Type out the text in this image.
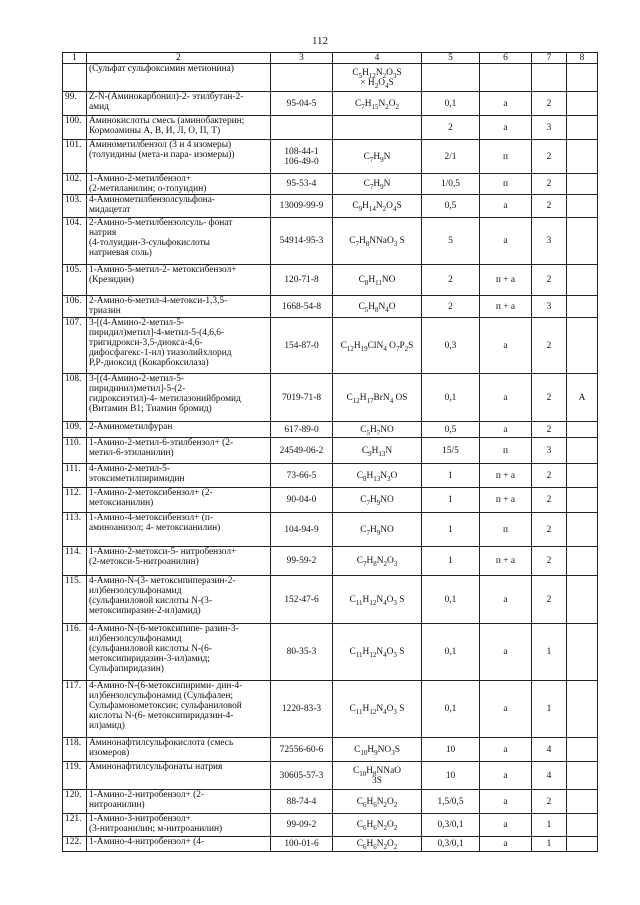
112
1	2	3	4	5	6	7	8

	(Сульфат сульфоксимин метионина)		$C_5H_{12}N_2O_3S$
× $H_2O_4S$				

99.	Z-N-(Аминокарбонил)-2- этилбутан-2-
амид	95-04-5	$C_7H_{15}N_2O_2$	0,1	а	2	
100.	Аминокислоты смесь (аминобактерин;
Кормоамины А, В, И, Л, О, П, Т)			2	а	3	
101.	Аминометилбензол (3 и 4 изомеры)
(толуидины (мета-и пара- изомеры))	108-44-1
106-49-0	$C_7H_9N$	2/1	п	2	
102.	1-Амино-2-метилбензол+
(2-метиланилин; о-толуидин)	95-53-4	$C_7H_9N$	1/0,5	п	2	
103.	4-Аминометилбензолсульфона-
мидацетат	13009-99-9	$C_9H_{14}N_2O_4S$	0,5	а	2	
104.	2-Амино-5-метилбензолсуль- фонат
натрия
(4-толуидин-3-сульфокислоты
натриевая соль)	54914-95-3	$C_7H_8NNaO_3$ S	5	а	3	
105.	1-Амино-5-метил-2- метоксибензол+
(Крезидин)	120-71-8	$C_8H_{11}NO$	2	п + а	2	
106.	2-Амино-6-метил-4-метокси-1,3,5-
триазин	1668-54-8	$C_5H_8N_4O$	2	п + а	3	
107.	3-[(4-Амино-2-метил-5-
пиридил)метил]-4-метил-5-(4,6,6-
тригидрокси-3,5-диокса-4,6-
дифосфагекс-1-ил) тиазолийхлорид
P,P-диоксид (Кокарбоксилаза)	154-87-0	$C_{12}H_{19}ClN_4$ $O_7P_2S$	0,3	а	2	
108.	3-[(4-Амино-2-метил-5-
пиридинил)метил]-5-(2-
гидроксиэтил)-4- метилазонийбромид
(Витамин В1; Тиамин бромид)	7019-71-8	$C_{12}H_{17}BrN_4$ OS	0,1	а	2	А
109.	2-Аминометилфуран	617-89-0	$C_5H_7NO$	0,5	а	2	
110.	1-Амино-2-метил-6-этилбензол+ (2-
метил-6-этиланилин)	24549-06-2	$C_9H_{13}N$	15/5	п	3	
111.	4-Амино-2-метил-5-
этоксиметилпиримидин	73-66-5	$C_8H_{13}N_3O$	1	п + а	2	
112.	1-Амино-2-метоксибензол+ (2-
метоксианилин)	90-04-0	$C_7H_9NO$	1	п + а	2	
113.	1-Амино-4-метоксибензол+ (п-
аминоанизол; 4- метоксианилин)	104-94-9	$C_7H_9NO$	1	п	2	
114.	1-Амино-2-метокси-5- нитробензол+
(2-метокси-5-нитроанилин)	99-59-2	$C_7H_8N_2O_3$	1	п + а	2	
115.	4-Амино-N-(3- метоксипиперазин-2-
ил)бензолсульфонамид
(сульфаниловой кислоты N-(3-
метоксипиразин-2-ил)амид)	152-47-6	$C_{11}H_{12}N_4O_3$ S	0,1	а	2	
116.	4-Амино-N-(6-метоксипипе- разин-3-
ил)бензолсульфонамид
(сульфаниловой кислоты N-(6-
метоксипиридазин-3-ил)амид;
Сульфапиридазин)	80-35-3	$C_{11}H_{12}N_4O_3$ S	0,1	а	1	
117.	4-Амино-N-(6-метоксипирими- дин-4-
ил)бензолсульфонамид (Сульфален;
Сульфамонометоксин; сульфаниловой
кислоты N-(6- метоксипиридазин-4-
ил)амид)	1220-83-3	$C_{11}H_{12}N_4O_3$ S	0,1	а	1	
118.	Аминонафтилсульфокислота (смесь
изомеров)	72556-60-6	$C_{10}H_9NO_3S$	10	а	4	
119.	Аминонафтилсульфонаты натрия	30605-57-3	$C_{10}H_8NNaO$
3S	10	а	4	
120.	1-Амино-2-нитробензол+ (2-
нитроанилин)	88-74-4	$C_6H_6N_2O_2$	1,5/0,5	а	2	
121.	1-Амино-3-нитробензол+
(3-нитроанилин; м-нитроанилин)	99-09-2	$C_6H_6N_2O_2$	0,3/0,1	а	1	
122.	1-Амино-4-нитробензол+ (4-	100-01-6	$C_6H_6N_2O_2$	0,3/0,1	а	1	
